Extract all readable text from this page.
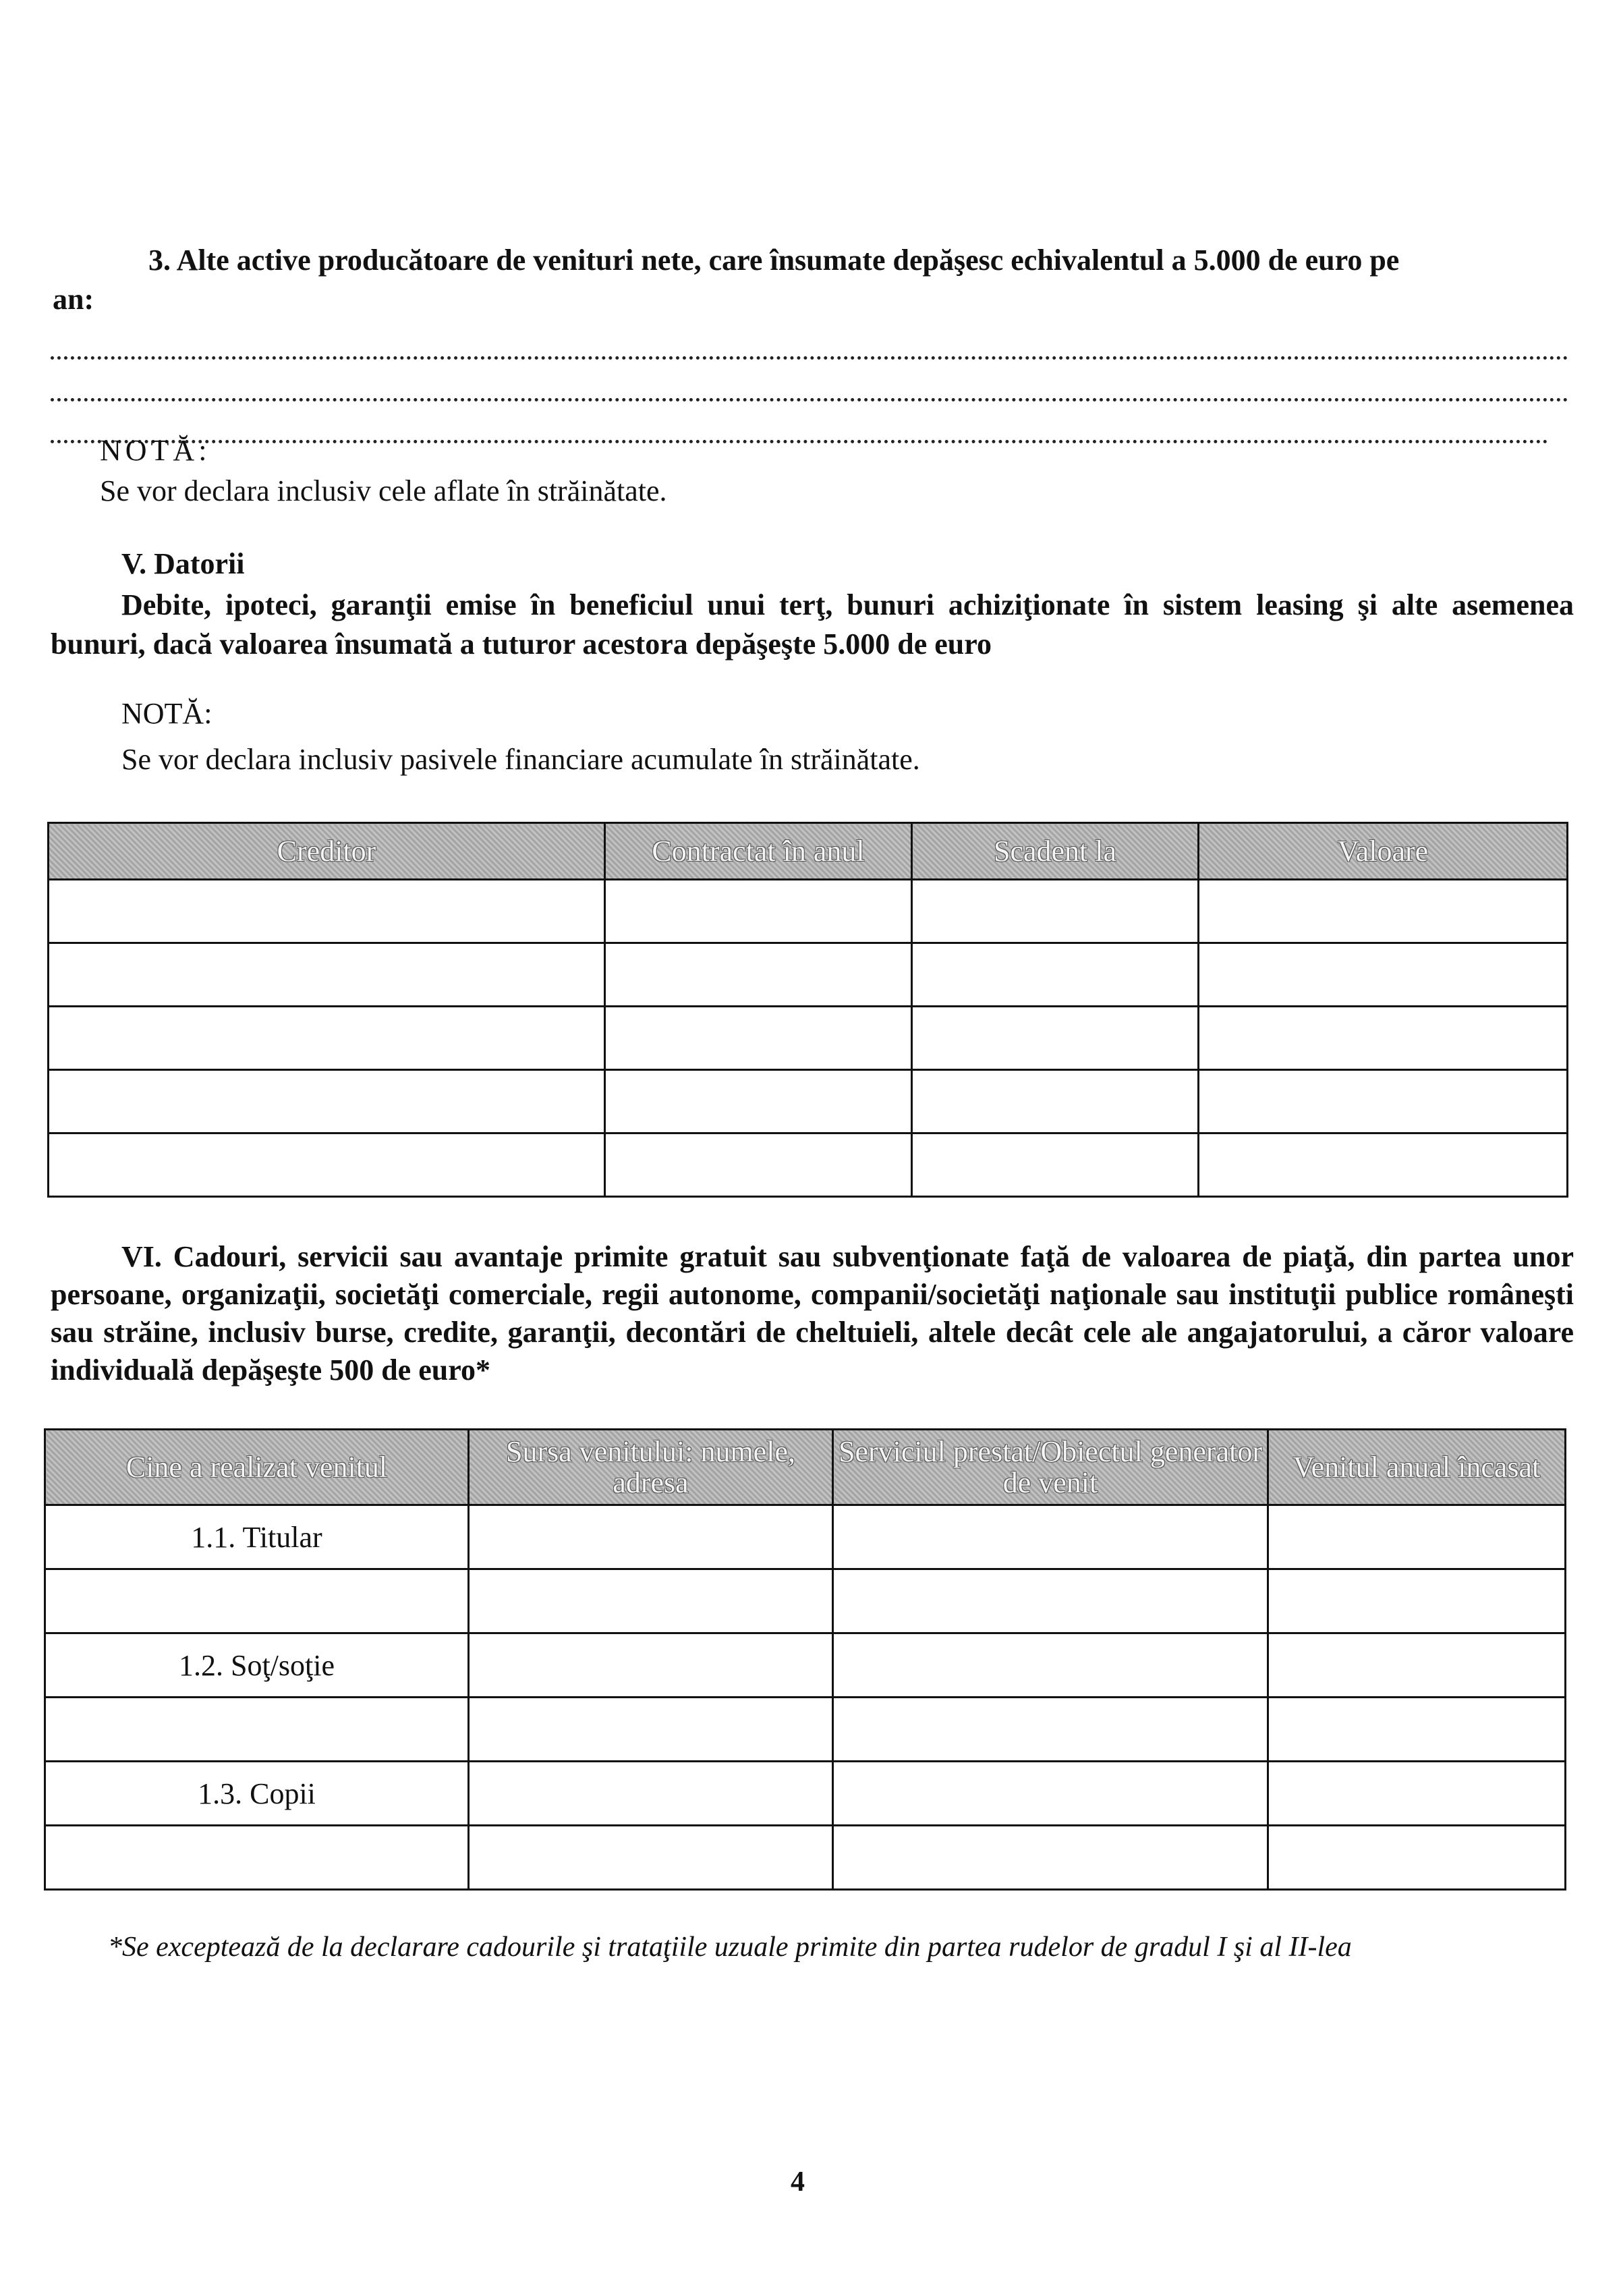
3. Alte active producătoare de venituri nete, care însumate depăşesc echivalentul a 5.000 de euro pe
an:
NOTĂ:
Se vor declara inclusiv cele aflate în străinătate.
V. Datorii
Debite, ipoteci, garanţii emise în beneficiul unui terţ, bunuri achiziţionate în sistem leasing şi alte asemenea bunuri, dacă valoarea însumată a tuturor acestora depăşeşte 5.000 de euro
NOTĂ:
Se vor declara inclusiv pasivele financiare acumulate în străinătate.
Creditor	Contractat în anul	Scadent la	Valoare

VI. Cadouri, servicii sau avantaje primite gratuit sau subvenţionate faţă de valoarea de piaţă, din partea unor persoane, organizaţii, societăţi comerciale, regii autonome, companii/societăţi naţionale sau instituţii publice româneşti sau străine, inclusiv burse, credite, garanţii, decontări de cheltuieli, altele decât cele ale angajatorului, a căror valoare individuală depăşeşte 500 de euro*
Cine a realizat venitul	Sursa venitului: numele, adresa	Serviciul prestat/Obiectul generator de venit	Venitul anual încasat
1.1. Titular			

1.2. Soţ/soţie			

1.3. Copii			

*Se exceptează de la declarare cadourile şi trataţiile uzuale primite din partea rudelor de gradul I şi al II-lea
4
